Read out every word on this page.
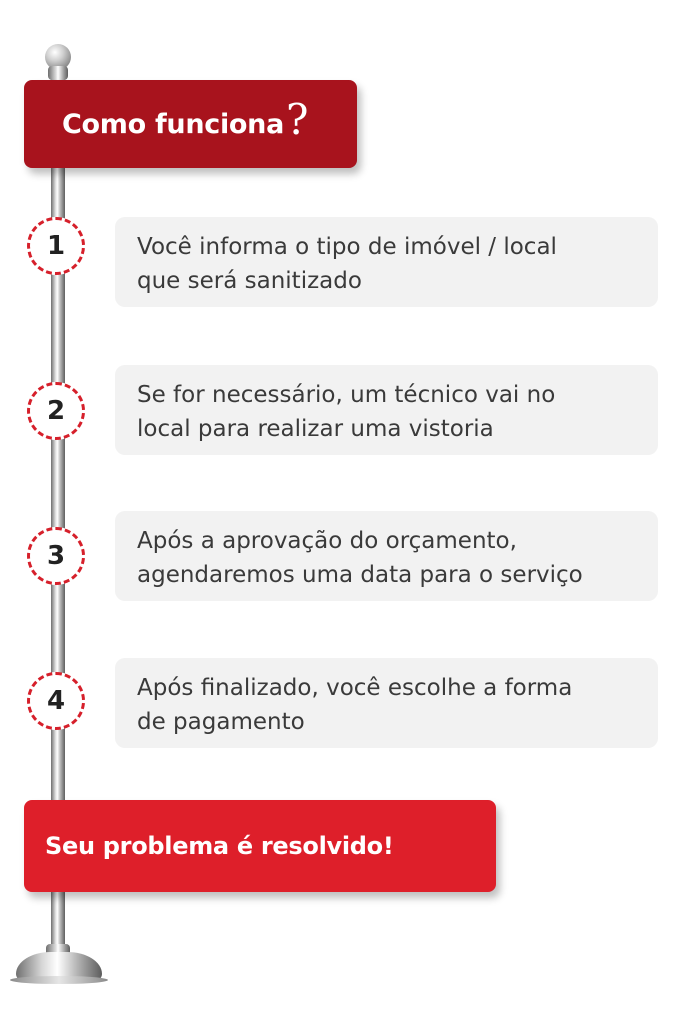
Como funciona ?
1	Você informa o tipo de imóvel / local
que será sanitizado
2
Se for necessário, um técnico vai no
local para realizar uma vistoria
3	Após a aprovação do orçamento,
agendaremos uma data para o serviço
4	Após finalizado, você escolhe a forma
de pagamento
Seu problema é resolvido!
